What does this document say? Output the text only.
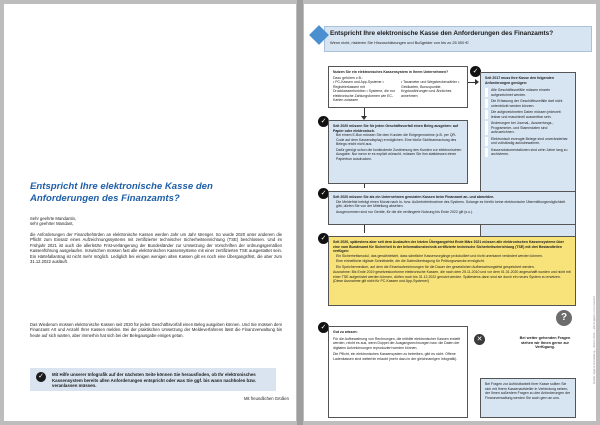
Entspricht Ihre elektronische Kasse den Anforderungen des Finanzamts?
Sehr geehrte Mandantin,
sehr geehrter Mandant,
die Anforderungen der Finanzbehörden an elektronische Kassen werden Jahr um Jahr strenger. So wurde 2020 unter anderem die Pflicht zum Einsatz eines Aufzeichnungssystems mit zertifizierter technischer Sicherheitseinrichtung (TSE) beschlossen. Und im Frühjahr 2021 ist auch die allerletzte Frist-verlängerung der Bundesländer zur Umsetzung der Vorschriften der ordnungsgemäßen Kassenführung ausgelaufen. Inzwischen müssen fast alle elektronischen Kassensysteme mit einer zertifizierten TSE ausgestattet sein. Ein Härtefallantrag ist nicht mehr möglich. Lediglich bei einigen wenigen alten Kassen gilt es noch eine Übergangsfrist, die aber zum 31.12.2022 ausläuft.
Das Wiederum müssen elektronische Kassen seit 2020 für jeden Geschäftsvorfall einen Beleg ausgeben können. Und Sie müssen dem Finanzamt Art und Anzahl Ihrer Kassen melden. Bei der praktischen Umsetzung der Meldeverfahrens lässt die Finanzverwaltung bis heute auf sich warten, aber immerhin hat sich bei der Belegausgabe einiges getan.
✓	Mit Hilfe unserer Infografik auf der nächsten Seite können Sie herausfinden, ob Ihr elektronisches Kassensystem bereits allen Anforderungen entspricht oder was Sie ggf. bis wann nachholen bzw. veranlassen müssen.
Mit freundlichen Grüßen
Entspricht Ihre elektronische Kasse den Anforderungen des Finanzamts?
Wenn nicht, riskieren Sie Hinzuschätzungen und Bußgelder von bis zu 25 000 €!
Quelle: Eigene Darstellung – Stand: 2022 – alle Angaben ohne Gewähr
Nutzen Sie ein elektronisches Kassensystem in Ihrem Unternehmen?
Dazu gehören z.B.:
• PC-Kassen und App-Systeme • Registrierkassen mit Druckkassenfunktion • Systeme, die nur elektronische Zahlungsformen wie EC-Karten zulassen
• Taxameter und Wegstreckenzähler • Geldkarten, Bonuspunkte, Kryptowährungen und Ähnliches annehmen
✓
Seit 2017 muss Ihre Kasse den folgenden Anforderungen genügen:
Alle Geschäftsvorfälle müssen einzeln aufgezeichnet werden.
Die Erfassung der Geschäftsvorfälle darf nicht unterdrückt werden können.
Die aufgezeichneten Daten müssen jederzeit lesbar und maschinell auswertbar sein.
Änderungen bei Journal-, Auswertungs-, Programmier- und Stammdaten sind aufzuzeichnen.
Elektronisch erzeugte Belege sind unveränderbar und vollständig aufzubewahren.
Kassendokumentationen sind zehn Jahre lang zu archivieren.
✓
Seit 2020 müssen Sie für jeden Geschäftsvorfall einen Beleg ausgeben: auf Papier oder elektronisch.
Bei einem E-Bon müssen Sie dem Kunden die Entgegennahme (z.B. per QR-Code auf dem Kassendisplay) ermöglichen. Eine bloße Sichtbarmachung des Belegs reicht nicht aus.
Dafür genügt schon die konkludente Zustimmung des Kunden zur elektronischen Ausgabe. Nur wenn er es explizit wünscht, müssen Sie ihm stattdessen einen Papierbon ausdrucken.
✓	Seit 2020 müssen Sie als ein Unternehmen genutzten Kassen beim Finanzamt an- und abmelden.
Die Meldefrist beträgt einen Monat nach In- bzw. Außerbetriebnahme des Systems. Solange es hierfür keine elektronische Übermittlungsmöglichkeit gibt, dürfen Sie von der Mitteilung absehen.
Ausgenommen sind nur Geräte, für die die verlängerte Nutzung bis Ende 2022 gilt (s.u.).
✓	Seit 2020, spätestens aber seit dem Auslaufen der letzten Übergangsfrist Ende März 2021 müssen alle elektronischen Kassensysteme über eine vom Bundesamt für Sicherheit in der Informationstechnik zertifizierte technische Sicherheitseinrichtung (TSE) mit drei Bestandteilen verfügen:
Ein Sicherheitsmodul, das gewährleistet, dass sämtliche Kassenvorgänge protokolliert und nicht unerkannt verändert werden können.
Eine einheitliche digitale Schnittstelle, die die Datenübertragung für Prüfungszwecke ermöglicht.
Ein Speichermedium, auf dem die Einzelaufzeichnungen für die Dauer der gesetzlichen Aufbewahrungsfrist gespeichert werden.
Ausnahme: Bis Ende 2019 gesetzeskonforme elektronische Kassen, die nach dem 25.11.2010 und vor dem 01.01.2020 angeschafft wurden und nicht mit einer TSE aufgerüstet werden können, dürfen noch bis 31.12.2022 genutzt werden. Spätestens dann sind sie durch ein neues System zu ersetzen.
(Diese Ausnahme gilt nicht für PC-Kassen und App-Systeme!)
✓
Gut zu wissen:
Für die Aufbewahrung von Rechnungen, die mithilfe elektronischer Kassen erstellt werden, reicht es aus, wenn Doppel der Ausgangsrechnungen bzw. die Daten der digitalen Aufzeichnungen reproduziert werden können.
Die Pflicht, ein elektronisches Kassensystem zu betreiben, gibt es nicht. Offene Ladenkassen sind weiterhin erlaubt (mehr dazu in der gleichnamigen Infografik).
✕
?
Bei weiter gehenden Fragen stehen wir Ihnen gerne zur Verfügung.
Bei Fragen zur Aufrüstbarkeit Ihrer Kasse sollten Sie sich mit Ihrem Kassenaufsteller in Verbindung setzen, der Ihnen außerdem Fragen zu den Anforderungen der Finanzverwaltung werden Sie auch gern an uns.
